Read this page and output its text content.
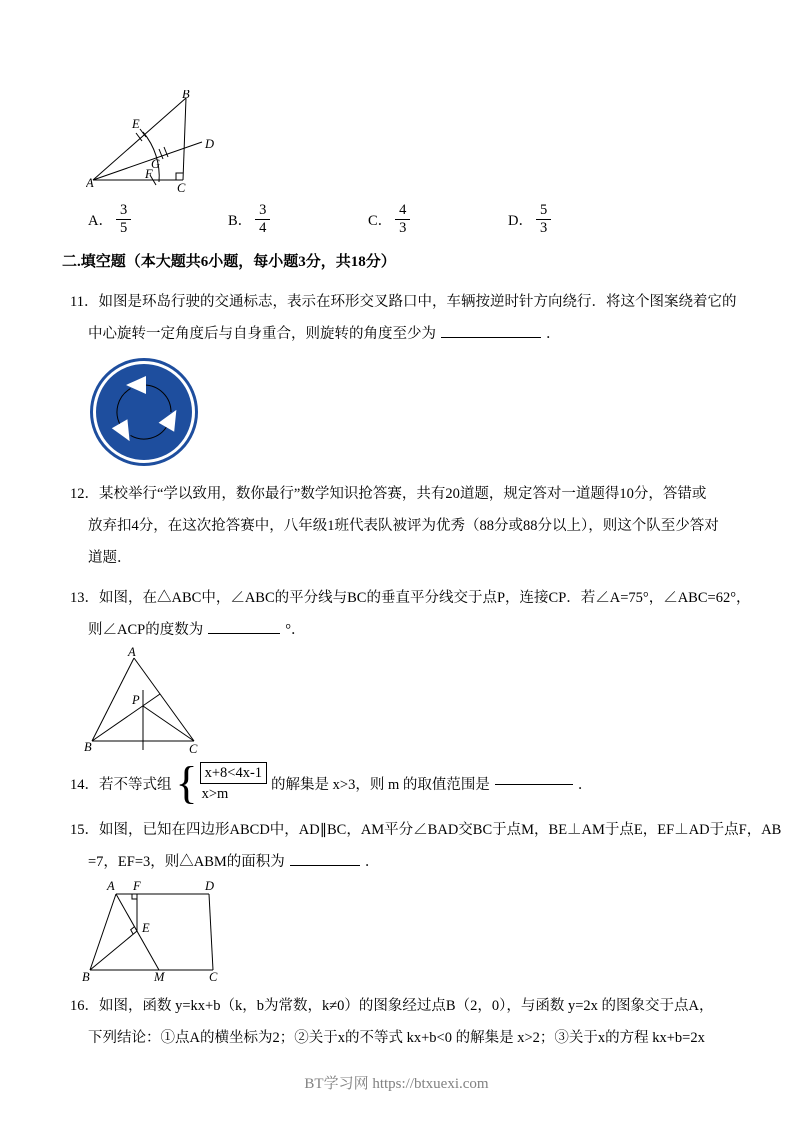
A
B
C
D
E
F
G
A． $\frac{3}{5}$	B． $\frac{3}{4}$	C． $\frac{4}{3}$	D． $\frac{5}{3}$
二.填空题（本大题共6小题，每小题3分，共18分）
11．如图是环岛行驶的交通标志，表示在环形交叉路口中，车辆按逆时针方向绕行．将这个图案绕着它的
中心旋转一定角度后与自身重合，则旋转的角度至少为	．
12．某校举行“学以致用，数你最行”数学知识抢答赛，共有20道题，规定答对一道题得10分，答错或
放弃扣4分，在这次抢答赛中，八年级1班代表队被评为优秀（88分或88分以上），则这个队至少答对
道题．
13．如图，在△ABC中，∠ABC的平分线与BC的垂直平分线交于点P，连接CP．若∠A=75°，∠ABC=62°，
则∠ACP的度数为	°．
A
B	C
P
14．若不等式组 { x+8<4x-1
x>m
的解集是 x>3，则 m 的取值范围是	．
15．如图，已知在四边形ABCD中，AD∥BC，AM平分∠BAD交BC于点M，BE⊥AM于点E，EF⊥AD于点F，AB
=7，EF=3，则△ABM的面积为	．
A F	D
B	M	C
E
16．如图，函数 y=kx+b（k，b为常数，k≠0）的图象经过点B（2，0），与函数 y=2x 的图象交于点A，
下列结论：①点A的横坐标为2；②关于x的不等式 kx+b<0 的解集是 x>2；③关于x的方程 kx+b=2x
BT学习网 https://btxuexi.com
